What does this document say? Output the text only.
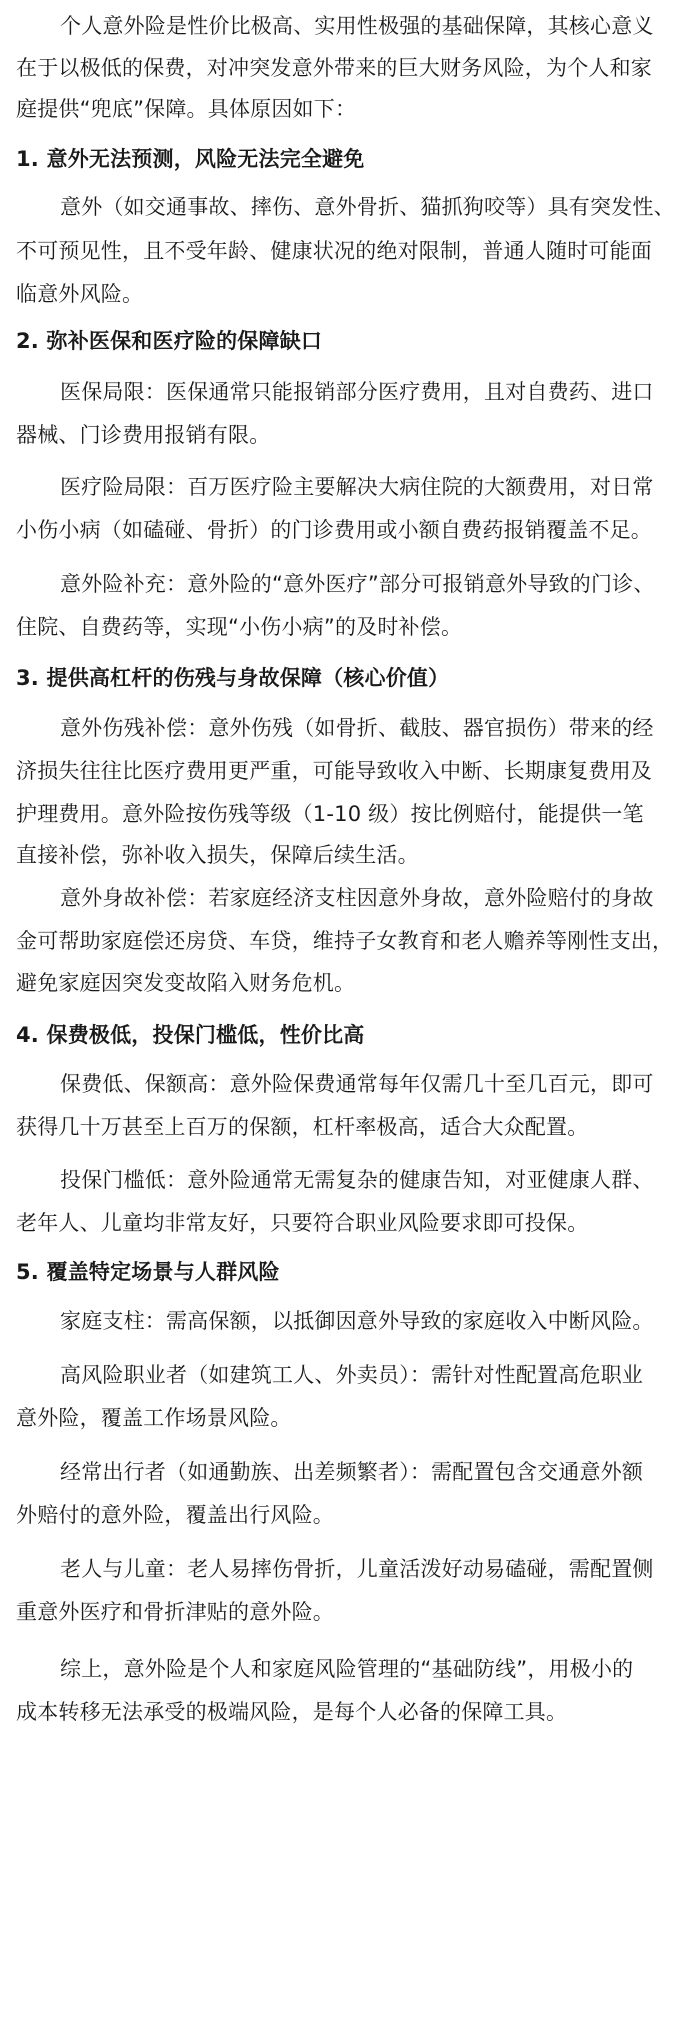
个人意外险是性价比极高、实用性极强的基础保障，其核心意义
在于以极低的保费，对冲突发意外带来的巨大财务风险，为个人和家
庭提供“兜底”保障。具体原因如下：
1. 意外无法预测，风险无法完全避免
意外（如交通事故、摔伤、意外骨折、猫抓狗咬等）具有突发性、
不可预见性，且不受年龄、健康状况的绝对限制，普通人随时可能面
临意外风险。
2. 弥补医保和医疗险的保障缺口
医保局限：医保通常只能报销部分医疗费用，且对自费药、进口
器械、门诊费用报销有限。
医疗险局限：百万医疗险主要解决大病住院的大额费用，对日常
小伤小病（如磕碰、骨折）的门诊费用或小额自费药报销覆盖不足。
意外险补充：意外险的“意外医疗”部分可报销意外导致的门诊、
住院、自费药等，实现“小伤小病”的及时补偿。
3. 提供高杠杆的伤残与身故保障（核心价值）
意外伤残补偿：意外伤残（如骨折、截肢、器官损伤）带来的经
济损失往往比医疗费用更严重，可能导致收入中断、长期康复费用及
护理费用。意外险按伤残等级（1-10 级）按比例赔付，能提供一笔
直接补偿，弥补收入损失，保障后续生活。
意外身故补偿：若家庭经济支柱因意外身故，意外险赔付的身故
金可帮助家庭偿还房贷、车贷，维持子女教育和老人赡养等刚性支出，
避免家庭因突发变故陷入财务危机。
4. 保费极低，投保门槛低，性价比高
保费低、保额高：意外险保费通常每年仅需几十至几百元，即可
获得几十万甚至上百万的保额，杠杆率极高，适合大众配置。
投保门槛低：意外险通常无需复杂的健康告知，对亚健康人群、
老年人、儿童均非常友好，只要符合职业风险要求即可投保。
5. 覆盖特定场景与人群风险
家庭支柱：需高保额，以抵御因意外导致的家庭收入中断风险。
高风险职业者（如建筑工人、外卖员）：需针对性配置高危职业
意外险，覆盖工作场景风险。
经常出行者（如通勤族、出差频繁者）：需配置包含交通意外额
外赔付的意外险，覆盖出行风险。
老人与儿童：老人易摔伤骨折，儿童活泼好动易磕碰，需配置侧
重意外医疗和骨折津贴的意外险。
综上，意外险是个人和家庭风险管理的“基础防线”，用极小的
成本转移无法承受的极端风险，是每个人必备的保障工具。
